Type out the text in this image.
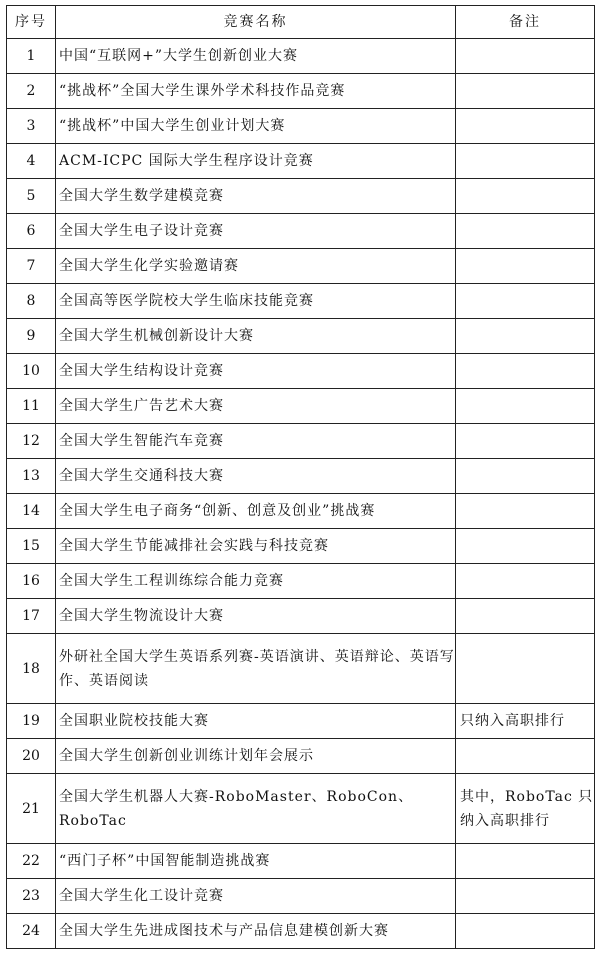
序号	竞赛名称	备注
1	中国“互联网+”大学生创新创业大赛	
2	“挑战杯”全国大学生课外学术科技作品竞赛	
3	“挑战杯”中国大学生创业计划大赛	
4	ACM-ICPC 国际大学生程序设计竞赛	
5	全国大学生数学建模竞赛	
6	全国大学生电子设计竞赛	
7	全国大学生化学实验邀请赛	
8	全国高等医学院校大学生临床技能竞赛	
9	全国大学生机械创新设计大赛	
10	全国大学生结构设计竞赛	
11	全国大学生广告艺术大赛	
12	全国大学生智能汽车竞赛	
13	全国大学生交通科技大赛	
14	全国大学生电子商务“创新、创意及创业”挑战赛	
15	全国大学生节能减排社会实践与科技竞赛	
16	全国大学生工程训练综合能力竞赛	
17	全国大学生物流设计大赛	
18	外研社全国大学生英语系列赛-英语演讲、英语辩论、英语写作、英语阅读	
19	全国职业院校技能大赛	只纳入高职排行
20	全国大学生创新创业训练计划年会展示	
21	全国大学生机器人大赛-RoboMaster、RoboCon、RoboTac	其中，RoboTac 只纳入高职排行
22	“西门子杯”中国智能制造挑战赛	
23	全国大学生化工设计竞赛	
24	全国大学生先进成图技术与产品信息建模创新大赛	
